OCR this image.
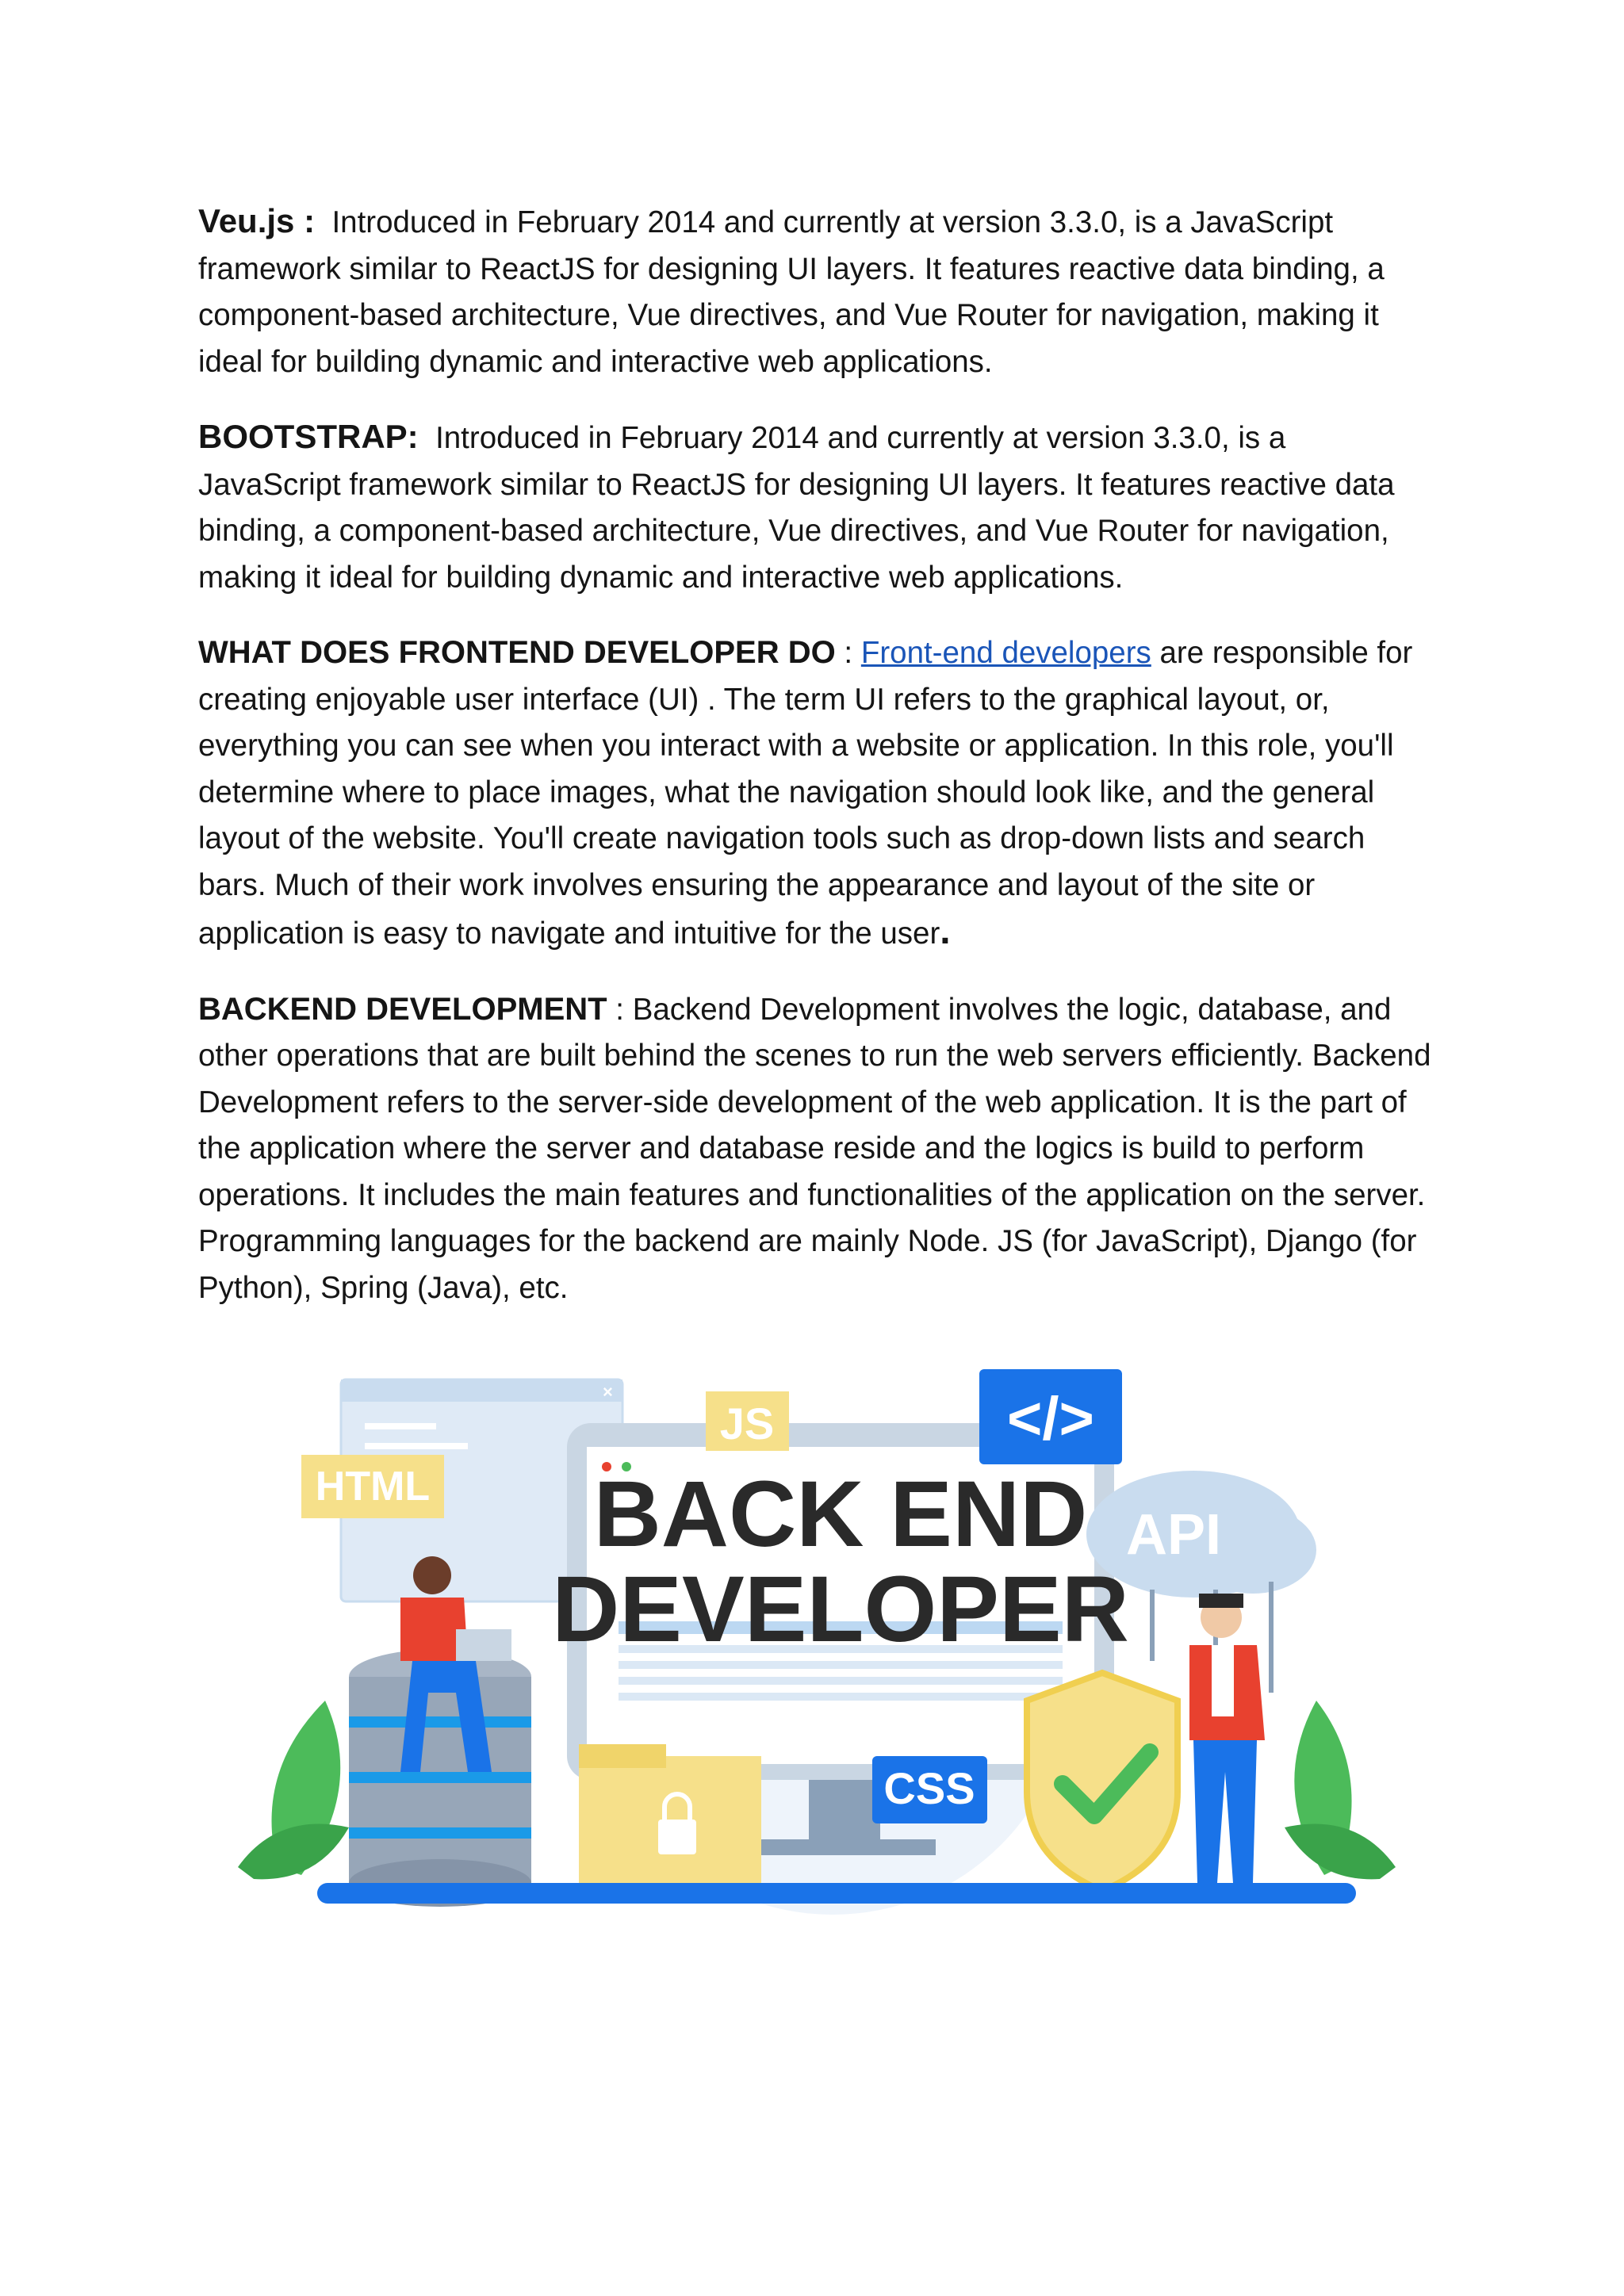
Veu.js : Introduced in February 2014 and currently at version 3.3.0, is a JavaScript framework similar to ReactJS for designing UI layers. It features reactive data binding, a component-based architecture, Vue directives, and Vue Router for navigation, making it ideal for building dynamic and interactive web applications.

BOOTSTRAP: Introduced in February 2014 and currently at version 3.3.0, is a JavaScript framework similar to ReactJS for designing UI layers. It features reactive data binding, a component-based architecture, Vue directives, and Vue Router for navigation, making it ideal for building dynamic and interactive web applications.

WHAT DOES FRONTEND DEVELOPER DO : Front-end developers are responsible for creating enjoyable user interface (UI) . The term UI refers to the graphical layout, or, everything you can see when you interact with a website or application. In this role, you'll determine where to place images, what the navigation should look like, and the general layout of the website. You'll create navigation tools such as drop-down lists and search bars. Much of their work involves ensuring the appearance and layout of the site or application is easy to navigate and intuitive for the user.

BACKEND DEVELOPMENT : Backend Development involves the logic, database, and other operations that are built behind the scenes to run the web servers efficiently. Backend Development refers to the server-side development of the web application. It is the part of the application where the server and database reside and the logics is build to perform operations. It includes the main features and functionalities of the application on the server. Programming languages for the backend are mainly Node. JS (for JavaScript), Django (for Python), Spring (Java), etc.

×
HTML
JS	</>
API
BACK END
DEVELOPER
CSS
